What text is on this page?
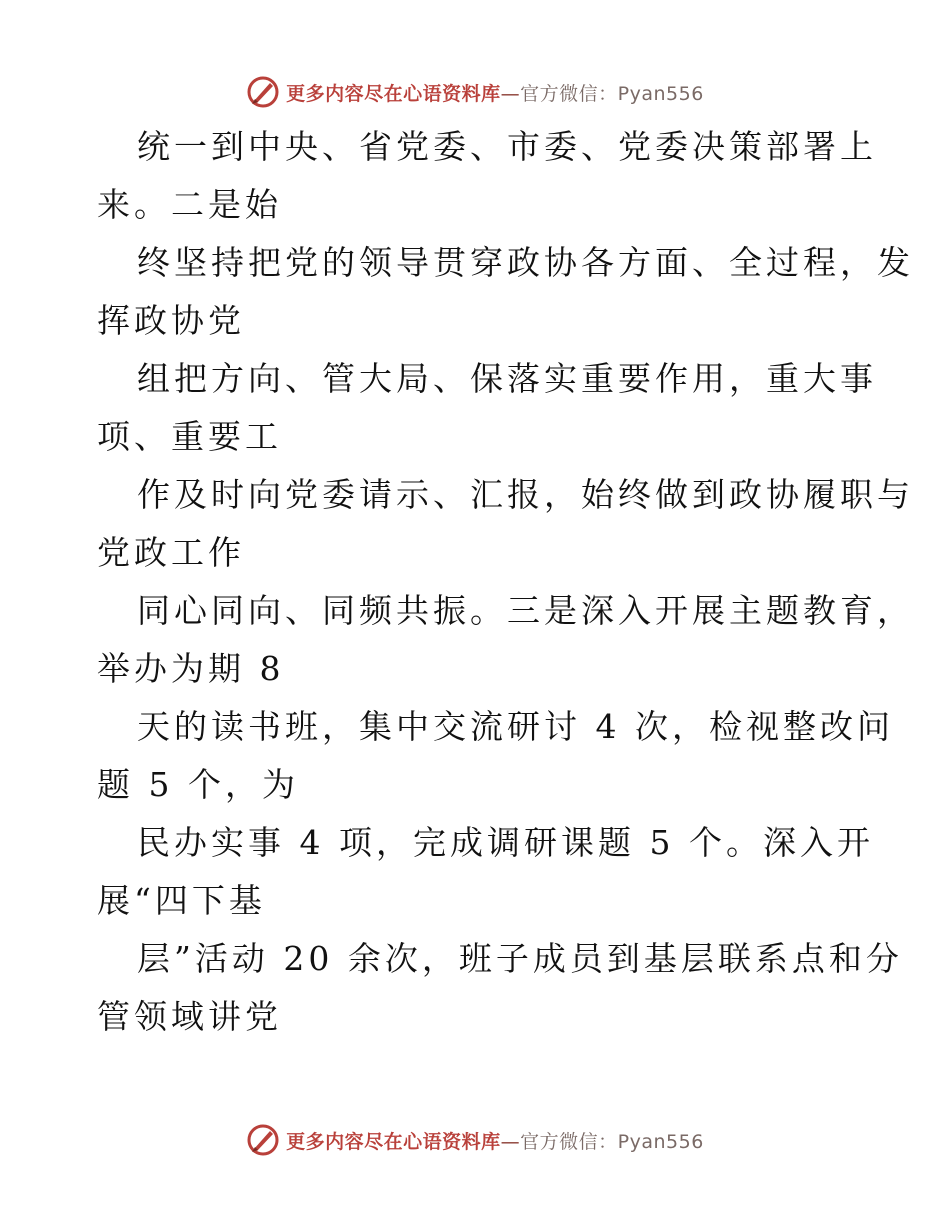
更多内容尽在心语资料库—官方微信：Pyan556
统一到中央、省党委、市委、党委决策部署上
来。二是始
终坚持把党的领导贯穿政协各方面、全过程，发
挥政协党
组把方向、管大局、保落实重要作用，重大事
项、重要工
作及时向党委请示、汇报，始终做到政协履职与
党政工作
同心同向、同频共振。三是深入开展主题教育，
举办为期 8
天的读书班，集中交流研讨 4 次，检视整改问
题 5 个，为
民办实事 4 项，完成调研课题 5 个。深入开
展“四下基
层”活动 20 余次，班子成员到基层联系点和分
管领域讲党
更多内容尽在心语资料库—官方微信：Pyan556
